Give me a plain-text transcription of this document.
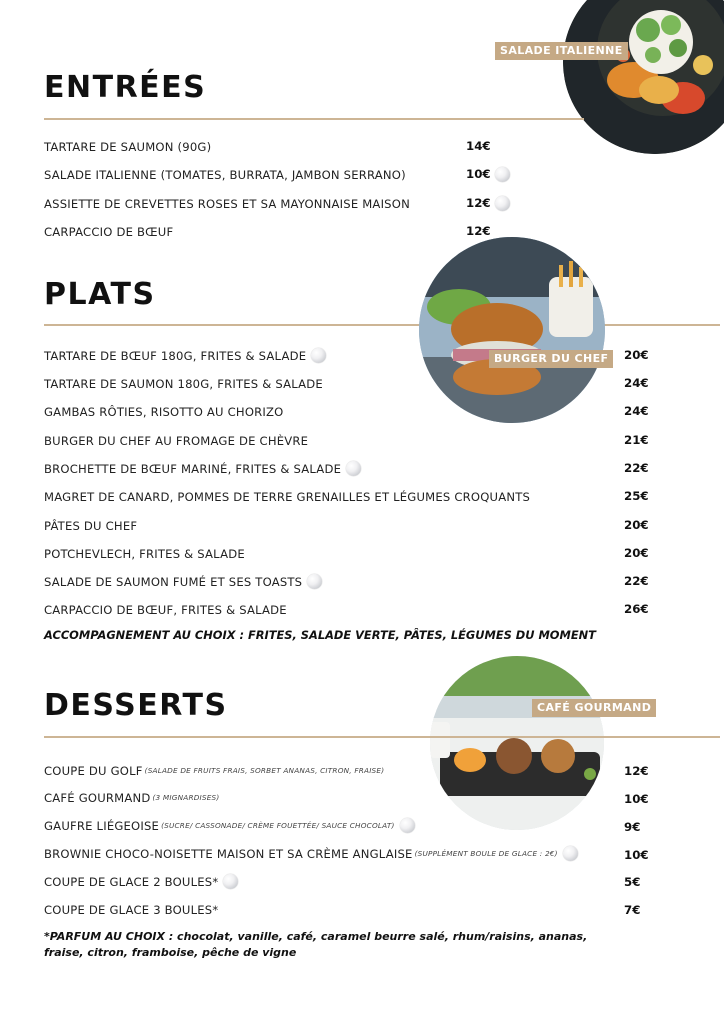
SALADE ITALIENNE
ENTRÉES
TARTARE DE SAUMON (90G)	14€
SALADE ITALIENNE (TOMATES, BURRATA, JAMBON SERRANO)	10€
ASSIETTE DE CREVETTES ROSES ET SA MAYONNAISE MAISON	12€
CARPACCIO DE BŒUF	12€
PLATS
BURGER DU CHEF
TARTARE DE BŒUF 180G, FRITES & SALADE	20€
TARTARE DE SAUMON 180G, FRITES & SALADE	24€
GAMBAS RÔTIES, RISOTTO AU CHORIZO	24€
BURGER DU CHEF AU FROMAGE DE CHÈVRE	21€
BROCHETTE DE BŒUF MARINÉ, FRITES & SALADE	22€
MAGRET DE CANARD, POMMES DE TERRE GRENAILLES ET LÉGUMES CROQUANTS	25€
PÂTES DU CHEF	20€
POTCHEVLECH, FRITES & SALADE	20€
SALADE DE SAUMON FUMÉ ET SES TOASTS	22€
CARPACCIO DE BŒUF, FRITES & SALADE	26€
ACCOMPAGNEMENT AU CHOIX : FRITES, SALADE VERTE, PÂTES, LÉGUMES DU MOMENT
CAFÉ GOURMAND
DESSERTS
COUPE DU GOLF (SALADE DE FRUITS FRAIS, SORBET ANANAS, CITRON, FRAISE)	12€
CAFÉ GOURMAND (3 MIGNARDISES)	10€
GAUFRE LIÉGEOISE (SUCRE/ CASSONADE/ CRÈME FOUETTÉE/ SAUCE CHOCOLAT)	9€
BROWNIE CHOCO-NOISETTE MAISON ET SA CRÈME ANGLAISE (SUPPLÉMENT BOULE DE GLACE : 2€)	10€
COUPE DE GLACE 2 BOULES*	5€
COUPE DE GLACE 3 BOULES*	7€
*PARFUM AU CHOIX : chocolat, vanille, café, caramel beurre salé, rhum/raisins, ananas,
fraise, citron, framboise, pêche de vigne
